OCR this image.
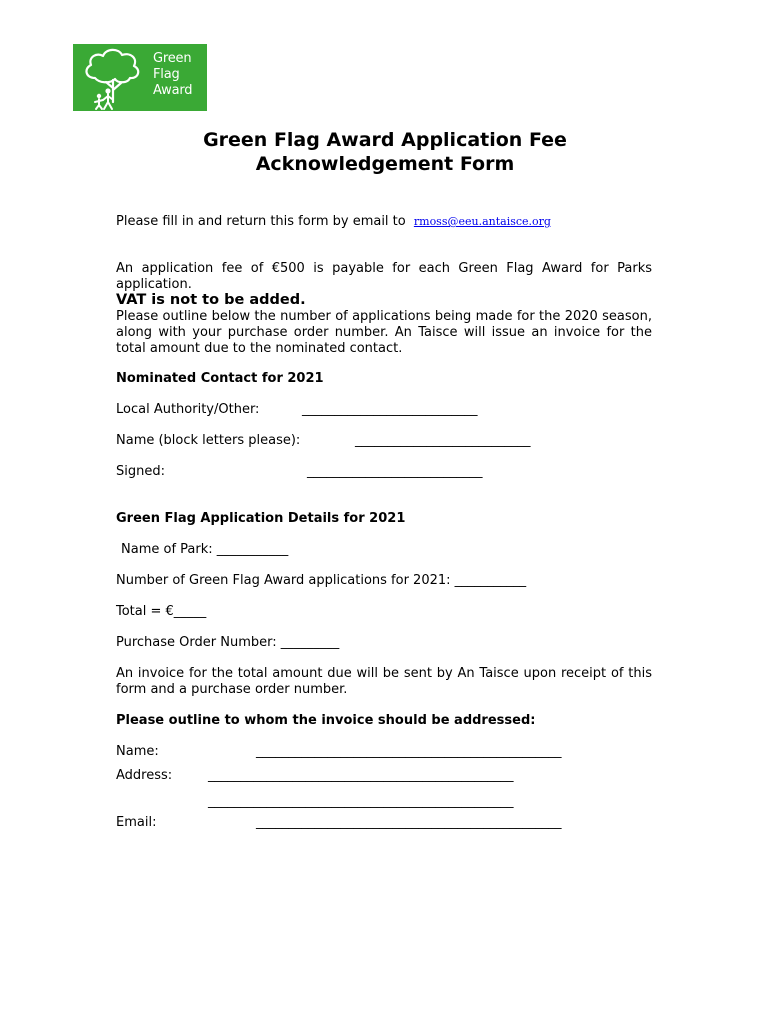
Green
Flag
Award
Green Flag Award Application Fee
Acknowledgement Form
Please fill in and return this form by email to rmoss@eeu.antaisce.org
An application fee of €500 is payable for each Green Flag Award for Parks application.
VAT is not to be added.
Please outline below the number of applications being made for the 2020 season, along with your purchase order number. An Taisce will issue an invoice for the total amount due to the nominated contact.
Nominated Contact for 2021
Local Authority/Other:	___________________________
Name (block letters please):	___________________________
Signed:	___________________________
Green Flag Application Details for 2021
Name of Park: ___________
Number of Green Flag Award applications for 2021: ___________
Total = €_____
Purchase Order Number: _________
An invoice for the total amount due will be sent by An Taisce upon receipt of this form and a purchase order number.
Please outline to whom the invoice should be addressed:
Name:	_______________________________________________
Address:	_______________________________________________
_______________________________________________
Email:	_______________________________________________
